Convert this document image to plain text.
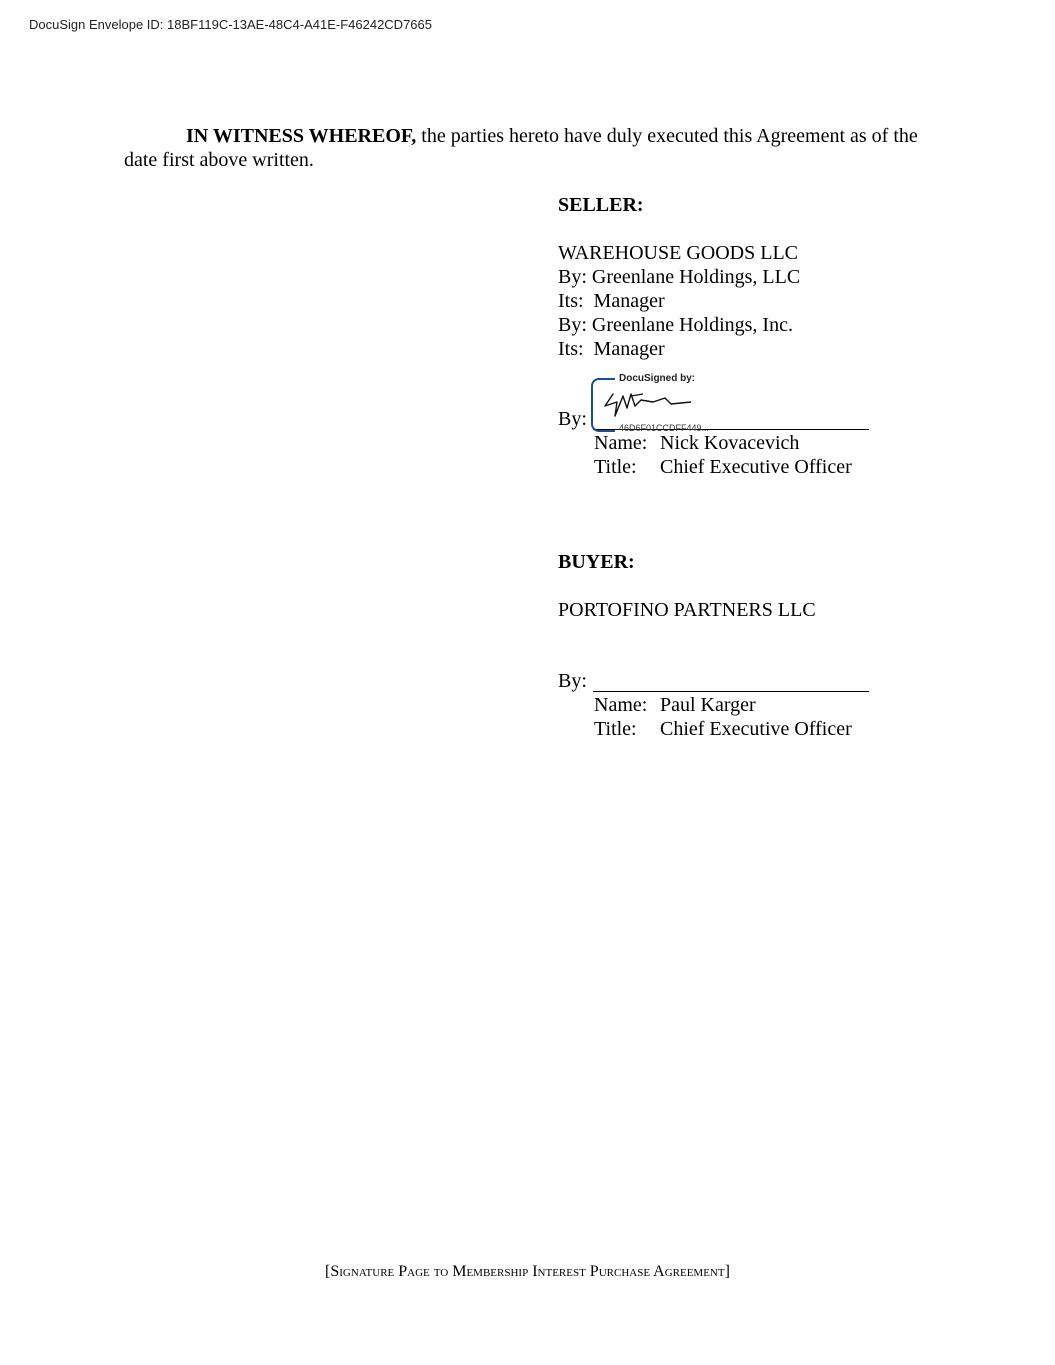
DocuSign Envelope ID: 18BF119C-13AE-48C4-A41E-F46242CD7665

IN WITNESS WHEREOF, the parties hereto have duly executed this Agreement as of the date first above written.

SELLER:
WAREHOUSE GOODS LLC
By: Greenlane Holdings, LLC
Its:  Manager
By: Greenlane Holdings, Inc.
Its:  Manager
By:
DocuSigned by:
46D6F01CCDFF449...
Name: Nick Kovacevich
Title:	Chief Executive Officer
BUYER:
PORTOFINO PARTNERS LLC
By:
Name: Paul Karger
Title:	Chief Executive Officer
[Signature Page to Membership Interest Purchase Agreement]
